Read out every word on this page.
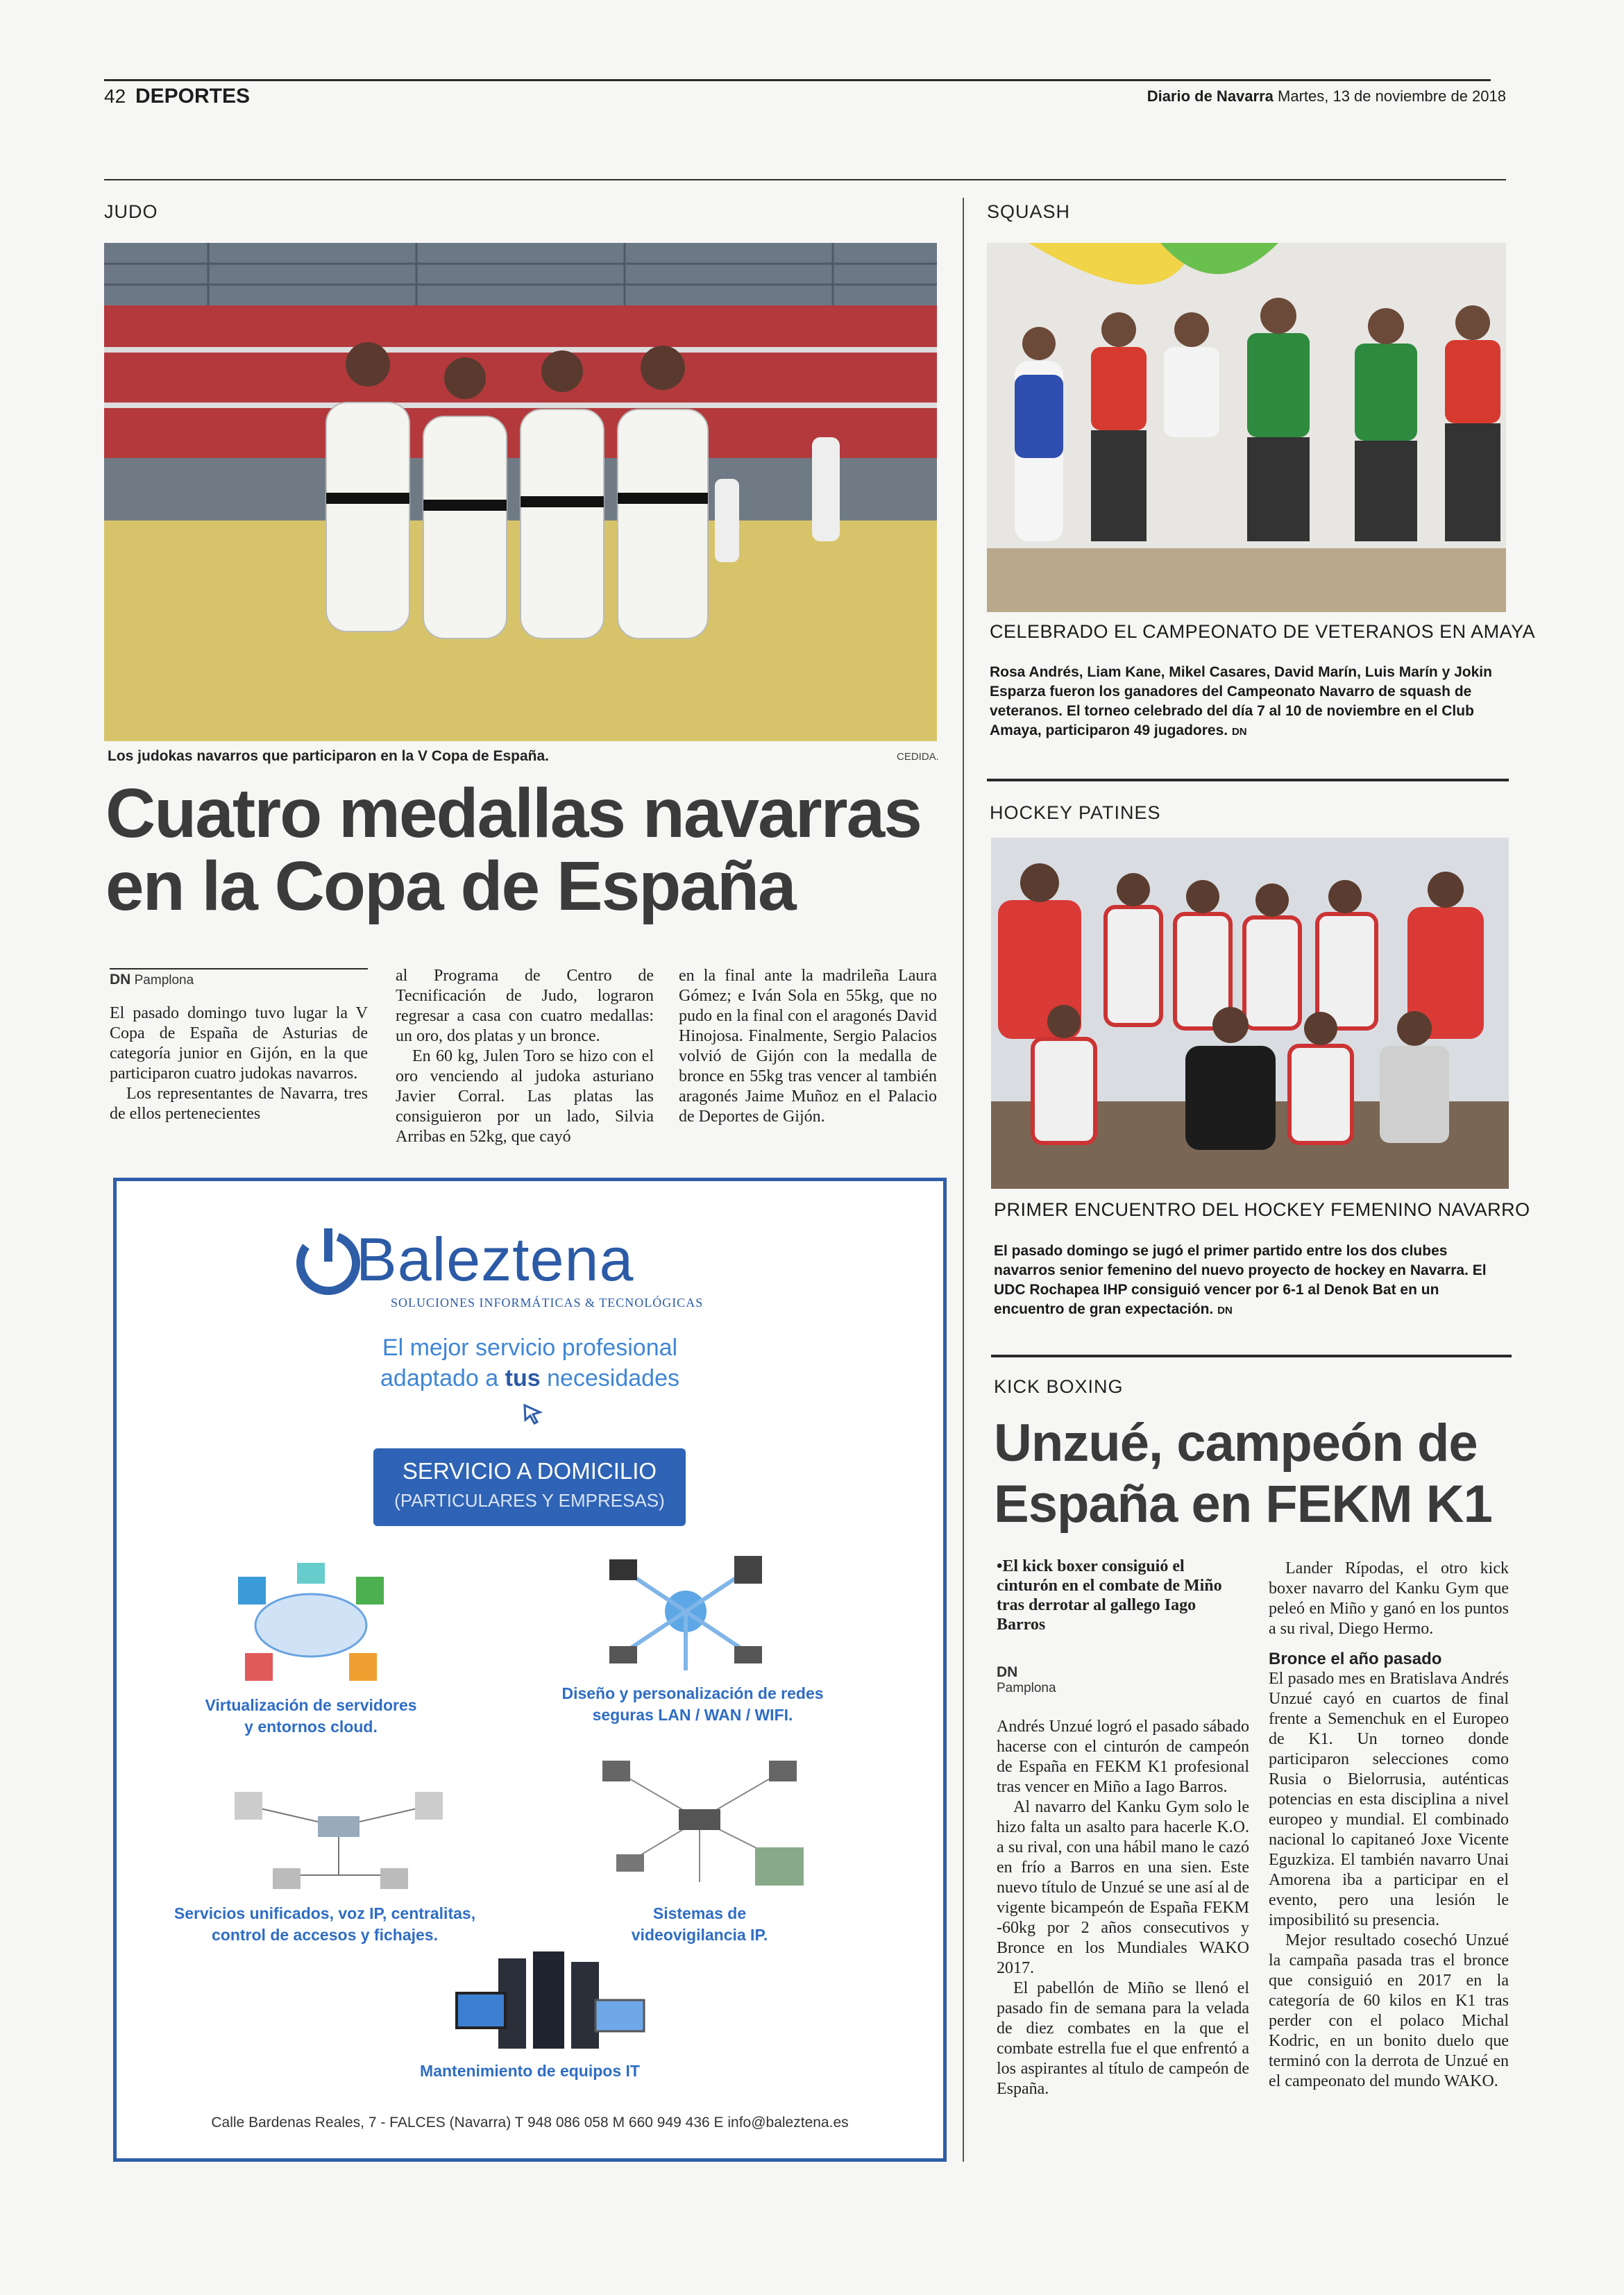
42 DEPORTES	Diario de Navarra Martes, 13 de noviembre de 2018
JUDO
Los judokas navarros que participaron en la V Copa de España.	CEDIDA.
Cuatro medallas navarras
en la Copa de España
DN Pamplona

El pasado domingo tuvo lugar la V Copa de España de Asturias de categoría junior en Gijón, en la que participaron cuatro judokas navarros.

Los representantes de Navarra, tres de ellos pertenecientes

al Programa de Centro de Tecnificación de Judo, lograron regresar a casa con cuatro medallas: un oro, dos platas y un bronce.

En 60 kg, Julen Toro se hizo con el oro venciendo al judoka asturiano Javier Corral. Las platas las consiguieron por un lado, Silvia Arribas en 52kg, que cayó

en la final ante la madrileña Laura Gómez; e Iván Sola en 55kg, que no pudo en la final con el aragonés David Hinojosa. Finalmente, Sergio Palacios volvió de Gijón con la medalla de bronce en 55kg tras vencer al también aragonés Jaime Muñoz en el Palacio de Deportes de Gijón.

Baleztena
SOLUCIONES INFORMÁTICAS & TECNOLÓGICAS
El mejor servicio profesional
adaptado a tus necesidades
SERVICIO A DOMICILIO
(PARTICULARES Y EMPRESAS)
Virtualización de servidores
y entornos cloud.
Diseño y personalización de redes
seguras LAN / WAN / WIFI.
Servicios unificados, voz IP, centralitas,
control de accesos y fichajes.
Sistemas de
videovigilancia IP.
Mantenimiento de equipos IT
Calle Bardenas Reales, 7 - FALCES (Navarra) T 948 086 058 M 660 949 436 E info@baleztena.es
SQUASH
CELEBRADO EL CAMPEONATO DE VETERANOS EN AMAYA
Rosa Andrés, Liam Kane, Mikel Casares, David Marín, Luis Marín y Jokin Esparza fueron los ganadores del Campeonato Navarro de squash de veteranos. El torneo celebrado del día 7 al 10 de noviembre en el Club Amaya, participaron 49 jugadores. DN
HOCKEY PATINES
PRIMER ENCUENTRO DEL HOCKEY FEMENINO NAVARRO
El pasado domingo se jugó el primer partido entre los dos clubes navarros senior femenino del nuevo proyecto de hockey en Navarra. El UDC Rochapea IHP consiguió vencer por 6-1 al Denok Bat en un encuentro de gran expectación. DN
KICK BOXING
Unzué, campeón de
España en FEKM K1
•El kick boxer consiguió el cinturón en el combate de Miño tras derrotar al gallego Iago Barros
DN
Pamplona

Andrés Unzué logró el pasado sábado hacerse con el cinturón de campeón de España en FEKM K1 profesional tras vencer en Miño a Iago Barros.

Al navarro del Kanku Gym solo le hizo falta un asalto para hacerle K.O. a su rival, con una hábil mano le cazó en frío a Barros en una sien. Este nuevo título de Unzué se une así al de vigente bicampeón de España FEKM -60kg por 2 años consecutivos y Bronce en los Mundiales WAKO 2017.

El pabellón de Miño se llenó el pasado fin de semana para la velada de diez combates en la que el combate estrella fue el que enfrentó a los aspirantes al título de campeón de España.

Lander Rípodas, el otro kick boxer navarro del Kanku Gym que peleó en Miño y ganó en los puntos a su rival, Diego Hermo.

Bronce el año pasado

El pasado mes en Bratislava Andrés Unzué cayó en cuartos de final frente a Semenchuk en el Europeo de K1. Un torneo donde participaron selecciones como Rusia o Bielorrusia, auténticas potencias en esta disciplina a nivel europeo y mundial. El combinado nacional lo capitaneó Joxe Vicente Eguzkiza. El también navarro Unai Amorena iba a participar en el evento, pero una lesión le imposibilitó su presencia.

Mejor resultado cosechó Unzué la campaña pasada tras el bronce que consiguió en 2017 en la categoría de 60 kilos en K1 tras perder con el polaco Michal Kodric, en un bonito duelo que terminó con la derrota de Unzué en el campeonato del mundo WAKO.
